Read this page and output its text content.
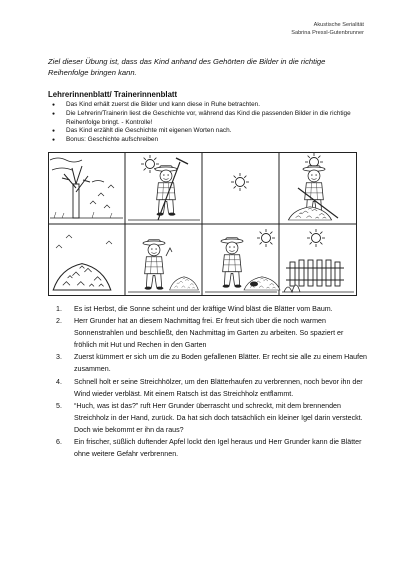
Akustische Serialität
Sabrina Pressl-Gutenbrunner
Ziel dieser Übung ist, dass das Kind anhand des Gehörten die Bilder in die richtige Reihenfolge bringen kann.
Lehrerinnenblatt/ Trainerinnenblatt
● Das Kind erhält zuerst die Bilder und kann diese in Ruhe betrachten.
● Die Lehrerin/Trainerin liest die Geschichte vor, während das Kind die passenden Bilder in die richtige Reihenfolge bringt. - Kontrolle!
● Das Kind erzählt die Geschichte mit eigenen Worten nach.
● Bonus: Geschichte aufschreiben
1. Es ist Herbst, die Sonne scheint und der kräftige Wind bläst die Blätter vom Baum.
2. Herr Grunder hat an diesem Nachmittag frei. Er freut sich über die noch warmen Sonnenstrahlen und beschließt, den Nachmittag im Garten zu arbeiten. So spaziert er fröhlich mit Hut und Rechen in den Garten
3. Zuerst kümmert er sich um die zu Boden gefallenen Blätter. Er recht sie alle zu einem Haufen zusammen.
4. Schnell holt er seine Streichhölzer, um den Blätterhaufen zu verbrennen, noch bevor ihn der Wind wieder verbläst. Mit einem Ratsch ist das Streichholz entflammt.
5. “Huch, was ist das?” ruft Herr Grunder überrascht und schreckt, mit dem brennenden Streichholz in der Hand, zurück. Da hat sich doch tatsächlich ein kleiner Igel darin versteckt. Doch wie bekommt er ihn da raus?
6. Ein frischer, süßlich duftender Apfel lockt den Igel heraus und Herr Grunder kann die Blätter ohne weitere Gefahr verbrennen.
